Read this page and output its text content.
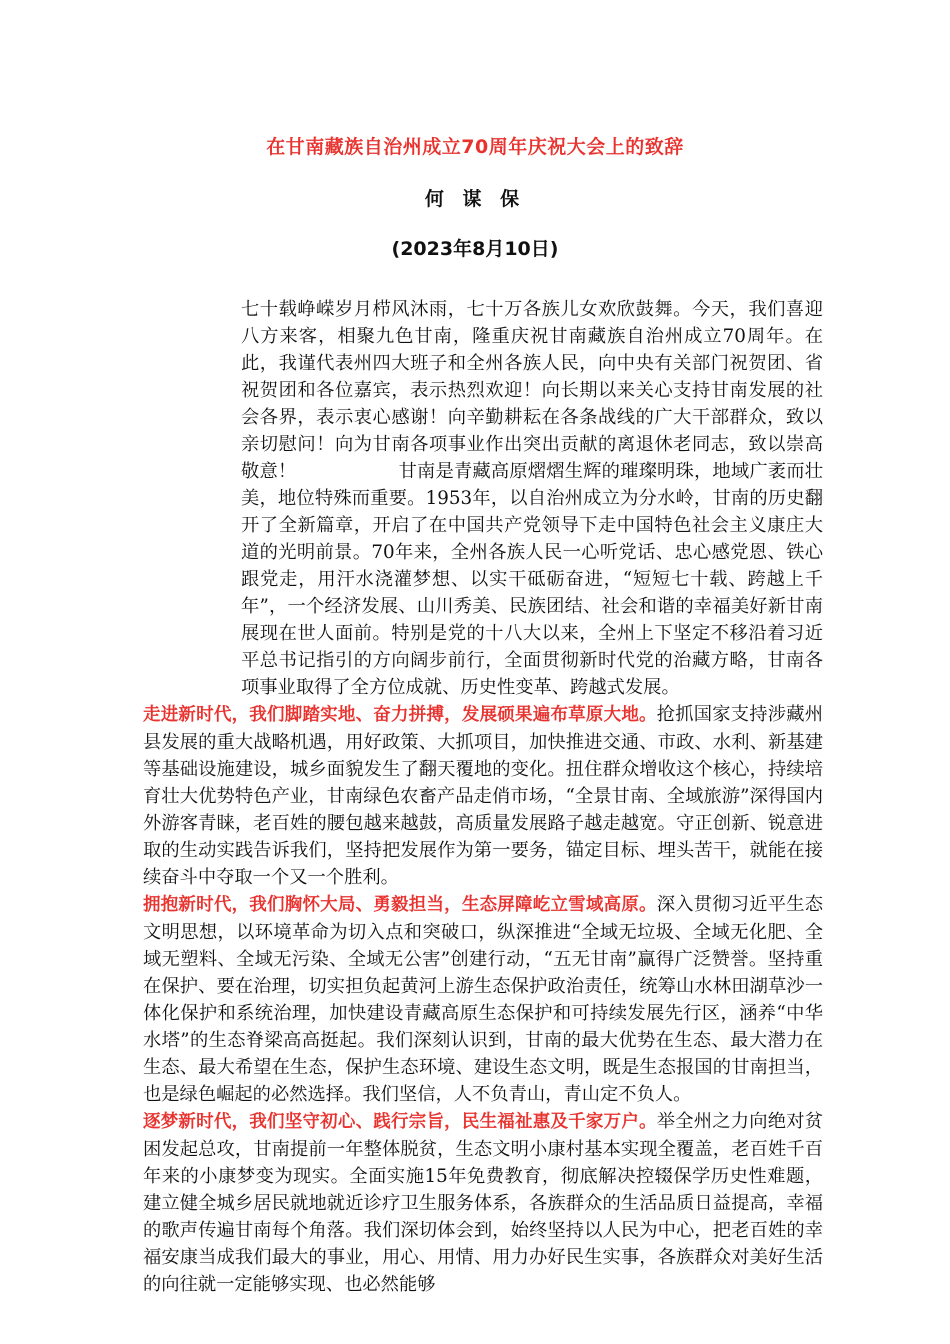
在甘南藏族自治州成立70周年庆祝大会上的致辞
何 谋 保
(2023年8月10日)

七十载峥嵘岁月栉风沐雨，七十万各族儿女欢欣鼓舞。今天，我们喜迎八方来客，相聚九色甘南，隆重庆祝甘南藏族自治州成立70周年。在此，我谨代表州四大班子和全州各族人民，向中央有关部门祝贺团、省祝贺团和各位嘉宾，表示热烈欢迎！向长期以来关心支持甘南发展的社会各界，表示衷心感谢！向辛勤耕耘在各条战线的广大干部群众，致以亲切慰问！向为甘南各项事业作出突出贡献的离退休老同志，致以崇高敬意！	甘南是青藏高原熠熠生辉的璀璨明珠，地域广袤而壮美，地位特殊而重要。1953年，以自治州成立为分水岭，甘南的历史翻开了全新篇章，开启了在中国共产党领导下走中国特色社会主义康庄大道的光明前景。70年来，全州各族人民一心听党话、忠心感党恩、铁心跟党走，用汗水浇灌梦想、以实干砥砺奋进，“短短七十载、跨越上千年”，一个经济发展、山川秀美、民族团结、社会和谐的幸福美好新甘南展现在世人面前。特别是党的十八大以来，全州上下坚定不移沿着习近平总书记指引的方向阔步前行，全面贯彻新时代党的治藏方略，甘南各项事业取得了全方位成就、历史性变革、跨越式发展。

走进新时代，我们脚踏实地、奋力拼搏，发展硕果遍布草原大地。抢抓国家支持涉藏州县发展的重大战略机遇，用好政策、大抓项目，加快推进交通、市政、水利、新基建等基础设施建设，城乡面貌发生了翻天覆地的变化。扭住群众增收这个核心，持续培育壮大优势特色产业，甘南绿色农畜产品走俏市场，“全景甘南、全域旅游”深得国内外游客青睐，老百姓的腰包越来越鼓，高质量发展路子越走越宽。守正创新、锐意进取的生动实践告诉我们，坚持把发展作为第一要务，锚定目标、埋头苦干，就能在接续奋斗中夺取一个又一个胜利。

拥抱新时代，我们胸怀大局、勇毅担当，生态屏障屹立雪域高原。深入贯彻习近平生态文明思想，以环境革命为切入点和突破口，纵深推进“全域无垃圾、全域无化肥、全域无塑料、全域无污染、全域无公害”创建行动，“五无甘南”赢得广泛赞誉。坚持重在保护、要在治理，切实担负起黄河上游生态保护政治责任，统筹山水林田湖草沙一体化保护和系统治理，加快建设青藏高原生态保护和可持续发展先行区，涵养“中华水塔”的生态脊梁高高挺起。我们深刻认识到，甘南的最大优势在生态、最大潜力在生态、最大希望在生态，保护生态环境、建设生态文明，既是生态报国的甘南担当，也是绿色崛起的必然选择。我们坚信，人不负青山，青山定不负人。

逐梦新时代，我们坚守初心、践行宗旨，民生福祉惠及千家万户。举全州之力向绝对贫困发起总攻，甘南提前一年整体脱贫，生态文明小康村基本实现全覆盖，老百姓千百年来的小康梦变为现实。全面实施15年免费教育，彻底解决控辍保学历史性难题，建立健全城乡居民就地就近诊疗卫生服务体系，各族群众的生活品质日益提高，幸福的歌声传遍甘南每个角落。我们深切体会到，始终坚持以人民为中心，把老百姓的幸福安康当成我们最大的事业，用心、用情、用力办好民生实事，各族群众对美好生活的向往就一定能够实现、也必然能够
